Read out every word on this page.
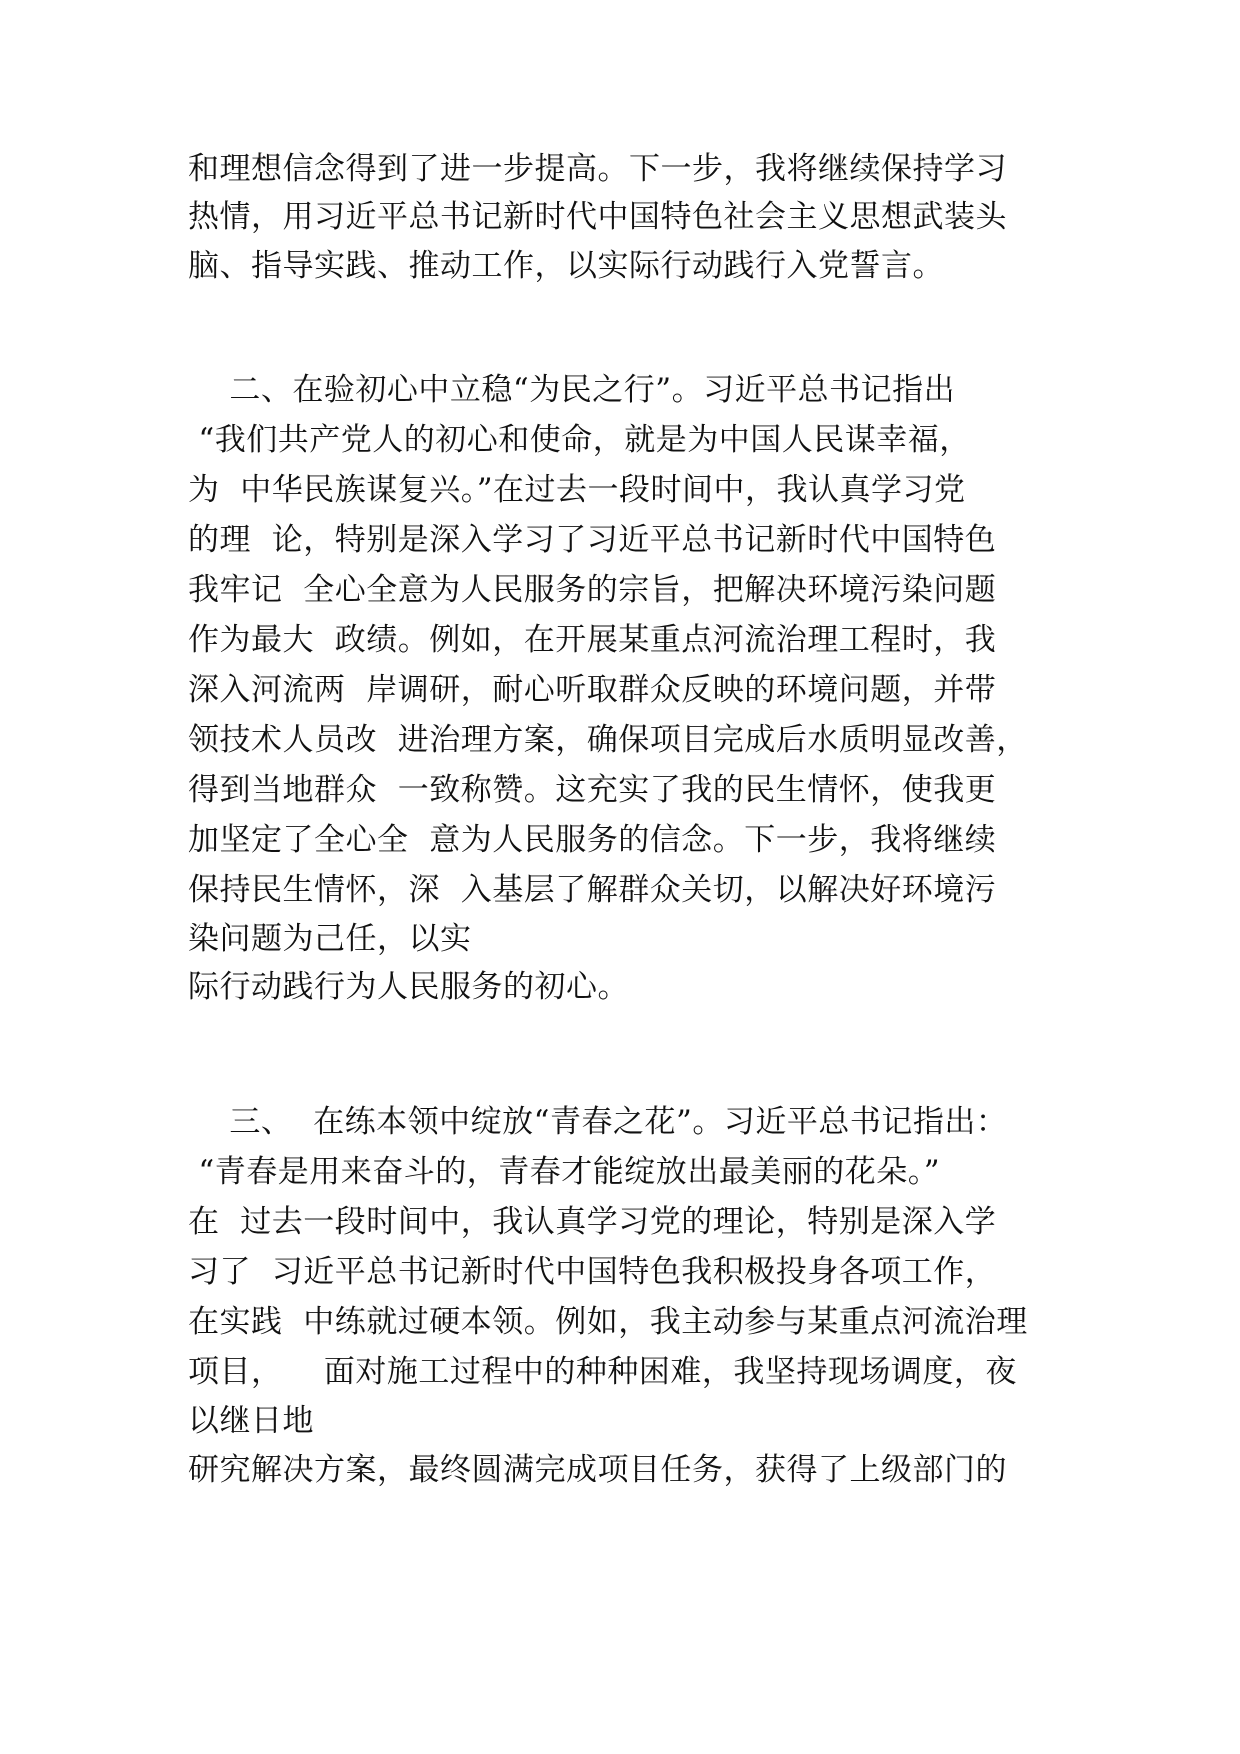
和理想信念得到了进一步提高。下一步，我将继续保持学习
热情，用习近平总书记新时代中国特色社会主义思想武装头
脑、指导实践、推动工作，以实际行动践行入党誓言。
二、在验初心中立稳“为民之行”。习近平总书记指出
“我们共产党人的初心和使命，就是为中国人民谋幸福，
为  中华民族谋复兴。”在过去一段时间中，我认真学习党
的理  论，特别是深入学习了习近平总书记新时代中国特色
我牢记  全心全意为人民服务的宗旨，把解决环境污染问题
作为最大  政绩。例如，在开展某重点河流治理工程时，我
深入河流两  岸调研，耐心听取群众反映的环境问题，并带
领技术人员改  进治理方案，确保项目完成后水质明显改善，
得到当地群众  一致称赞。这充实了我的民生情怀，使我更
加坚定了全心全  意为人民服务的信念。下一步，我将继续
保持民生情怀，深  入基层了解群众关切，以解决好环境污
染问题为己任，以实
际行动践行为人民服务的初心。
三、  在练本领中绽放“青春之花”。习近平总书记指出：
“青春是用来奋斗的，青春才能绽放出最美丽的花朵。”
在  过去一段时间中，我认真学习党的理论，特别是深入学
习了  习近平总书记新时代中国特色我积极投身各项工作，
在实践  中练就过硬本领。例如，我主动参与某重点河流治理
项目，    面对施工过程中的种种困难，我坚持现场调度，夜
以继日地
研究解决方案，最终圆满完成项目任务，获得了上级部门的
